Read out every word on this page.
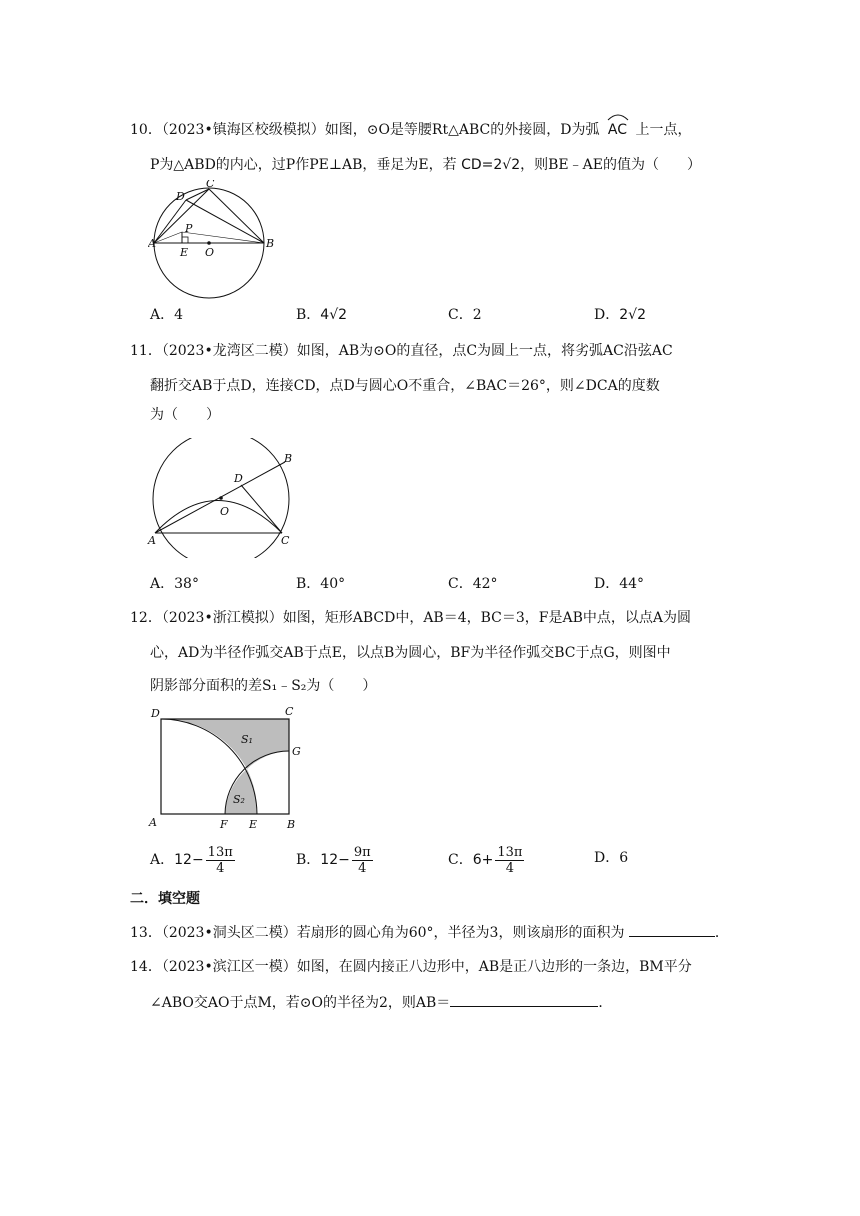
10．（2023•镇海区校级模拟）如图，⊙O是等腰Rt△ABC的外接圆，D为弧 AC 上一点，
P为△ABD的内心，过P作PE⊥AB，垂足为E，若 CD=2√2，则BE﹣AE的值为（　　）
A	B
C
D
P
E O
A．4	B．4√2	C．2	D．2√2
11．（2023•龙湾区二模）如图，AB为⊙O的直径，点C为圆上一点，将劣弧AC沿弦AC
翻折交AB于点D，连接CD，点D与圆心O不重合，∠BAC＝26°，则∠DCA的度数
为（　　）
A
B
C
D
O
A．38°	B．40°	C．42°	D．44°
12．（2023•浙江模拟）如图，矩形ABCD中，AB＝4，BC＝3，F是AB中点，以点A为圆
心，AD为半径作弧交AB于点E，以点B为圆心，BF为半径作弧交BC于点G，则图中
阴影部分面积的差S₁﹣S₂为（　　）
D	C
G
A	F E	B
S₁
S₂
A．$12- \frac{13\pi}{4}$	B．$12- \frac{9\pi}{4}$	C．$6+ \frac{13\pi}{4}$	D．6
二．填空题
13．（2023•洞头区二模）若扇形的圆心角为60°，半径为3，则该扇形的面积为	．
14．（2023•滨江区一模）如图，在圆内接正八边形中，AB是正八边形的一条边，BM平分
∠ABO交AO于点M，若⊙O的半径为2，则AB＝	．
